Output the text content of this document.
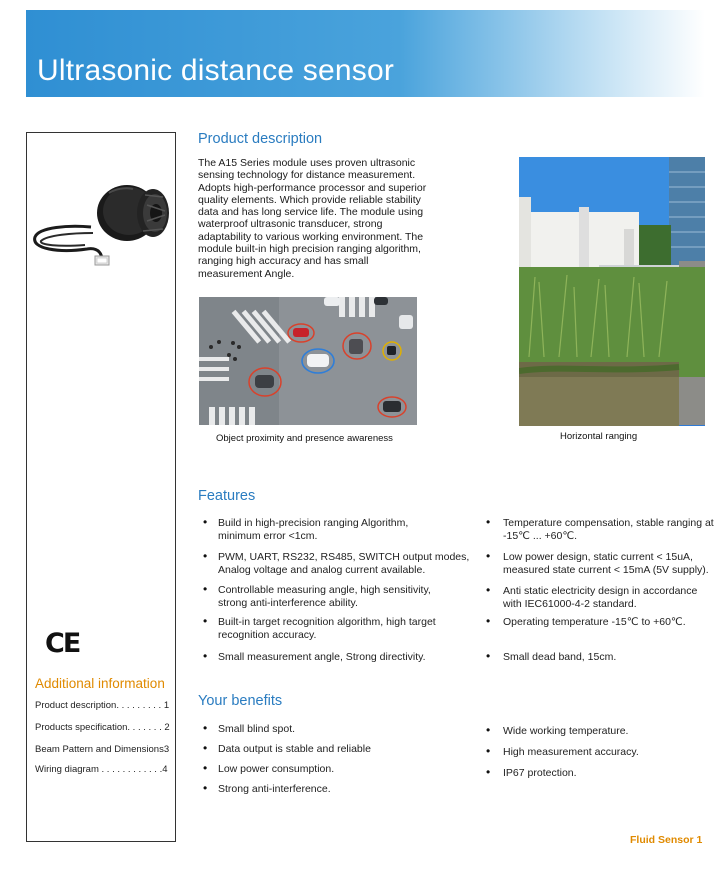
Ultrasonic distance sensor
CE
Additional information
Product description. . . . . . . . . 1
Products specification. . . . . . . 2
Beam Pattern and Dimensions3
Wiring diagram . . . . . . . . . . . .4
Product description

The A15 Series module uses proven ultrasonic sensing technology for distance measurement. Adopts high-performance processor and superior quality elements. Which provide reliable stability data and has long service life. The module using waterproof ultrasonic transducer, strong adaptability to various working environment. The module built-in high precision ranging algorithm, ranging high accuracy and has small measurement Angle.

Object proximity and presence awareness	Horizontal ranging
Features
• Build in high-precision ranging Algorithm, minimum error <1cm.
• PWM, UART, RS232, RS485, SWITCH output modes, Analog voltage and analog current available.
• Controllable measuring angle, high sensitivity, strong anti-interference ability.
• Built-in target recognition algorithm, high target recognition accuracy.
• Small measurement angle, Strong directivity.
• Temperature compensation, stable ranging at -15℃ ... +60℃.
• Low power design, static current < 15uA, measured state current < 15mA (5V supply).
• Anti static electricity design in accordance with IEC61000-4-2 standard.
• Operating temperature -15℃ to +60℃.
• Small dead band, 15cm.
Your benefits
• Small blind spot.
• Data output is stable and reliable
• Low power consumption.
• Strong anti-interference.
• Wide working temperature.
• High measurement accuracy.
• IP67 protection.
Fluid Sensor 1
